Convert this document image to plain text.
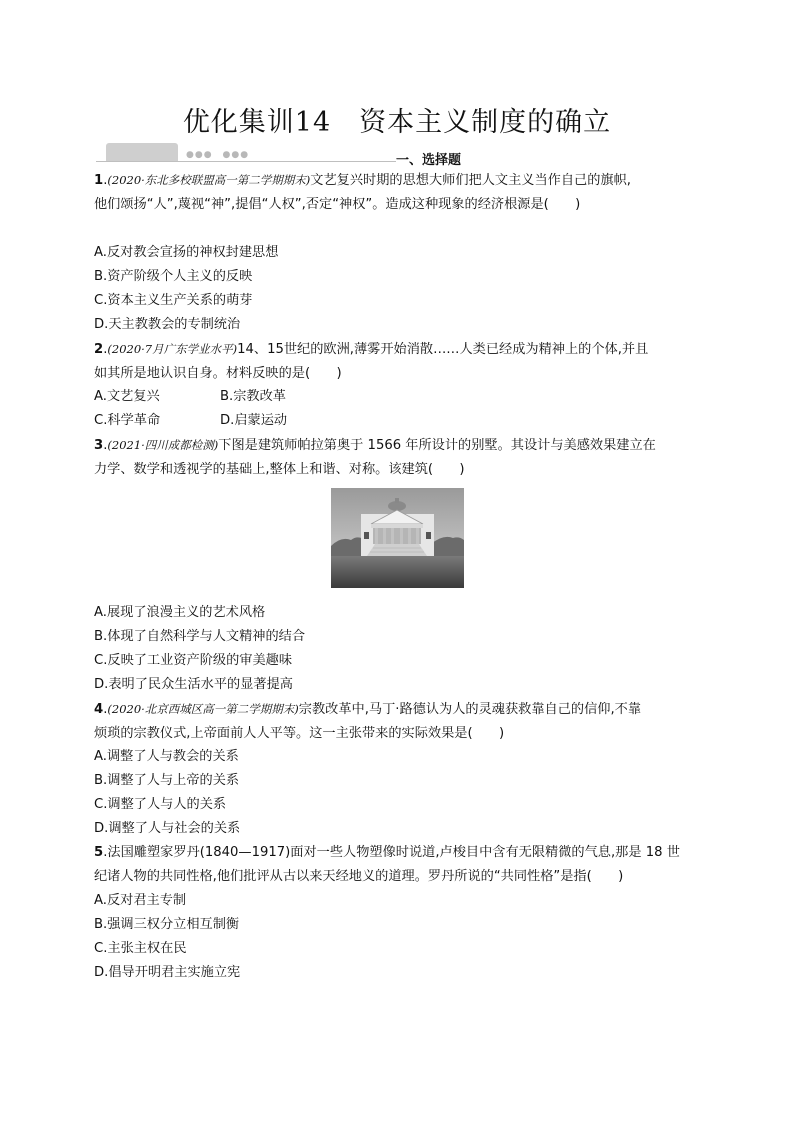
优化集训14　资本主义制度的确立
●●●　●●●	一、选择题
1.(2020·东北多校联盟高一第二学期期末)文艺复兴时期的思想大师们把人文主义当作自己的旗帜,
他们颂扬“人”,蔑视“神”,提倡“人权”,否定“神权”。造成这种现象的经济根源是(　　)
A.反对教会宣扬的神权封建思想
B.资产阶级个人主义的反映
C.资本主义生产关系的萌芽
D.天主教教会的专制统治
2.(2020·7月广东学业水平)14、15世纪的欧洲,薄雾开始消散……人类已经成为精神上的个体,并且
如其所是地认识自身。材料反映的是(　　)
A.文艺复兴	B.宗教改革
C.科学革命	D.启蒙运动
3.(2021·四川成都检测)下图是建筑师帕拉第奥于 1566 年所设计的别墅。其设计与美感效果建立在
力学、数学和透视学的基础上,整体上和谐、对称。该建筑(　　)
A.展现了浪漫主义的艺术风格
B.体现了自然科学与人文精神的结合
C.反映了工业资产阶级的审美趣味
D.表明了民众生活水平的显著提高
4.(2020·北京西城区高一第二学期期末)宗教改革中,马丁·路德认为人的灵魂获救靠自己的信仰,不靠
烦琐的宗教仪式,上帝面前人人平等。这一主张带来的实际效果是(　　)
A.调整了人与教会的关系
B.调整了人与上帝的关系
C.调整了人与人的关系
D.调整了人与社会的关系
5.法国雕塑家罗丹(1840—1917)面对一些人物塑像时说道,卢梭目中含有无限精微的气息,那是 18 世
纪诸人物的共同性格,他们批评从古以来天经地义的道理。罗丹所说的“共同性格”是指(　　)
A.反对君主专制
B.强调三权分立相互制衡
C.主张主权在民
D.倡导开明君主实施立宪
